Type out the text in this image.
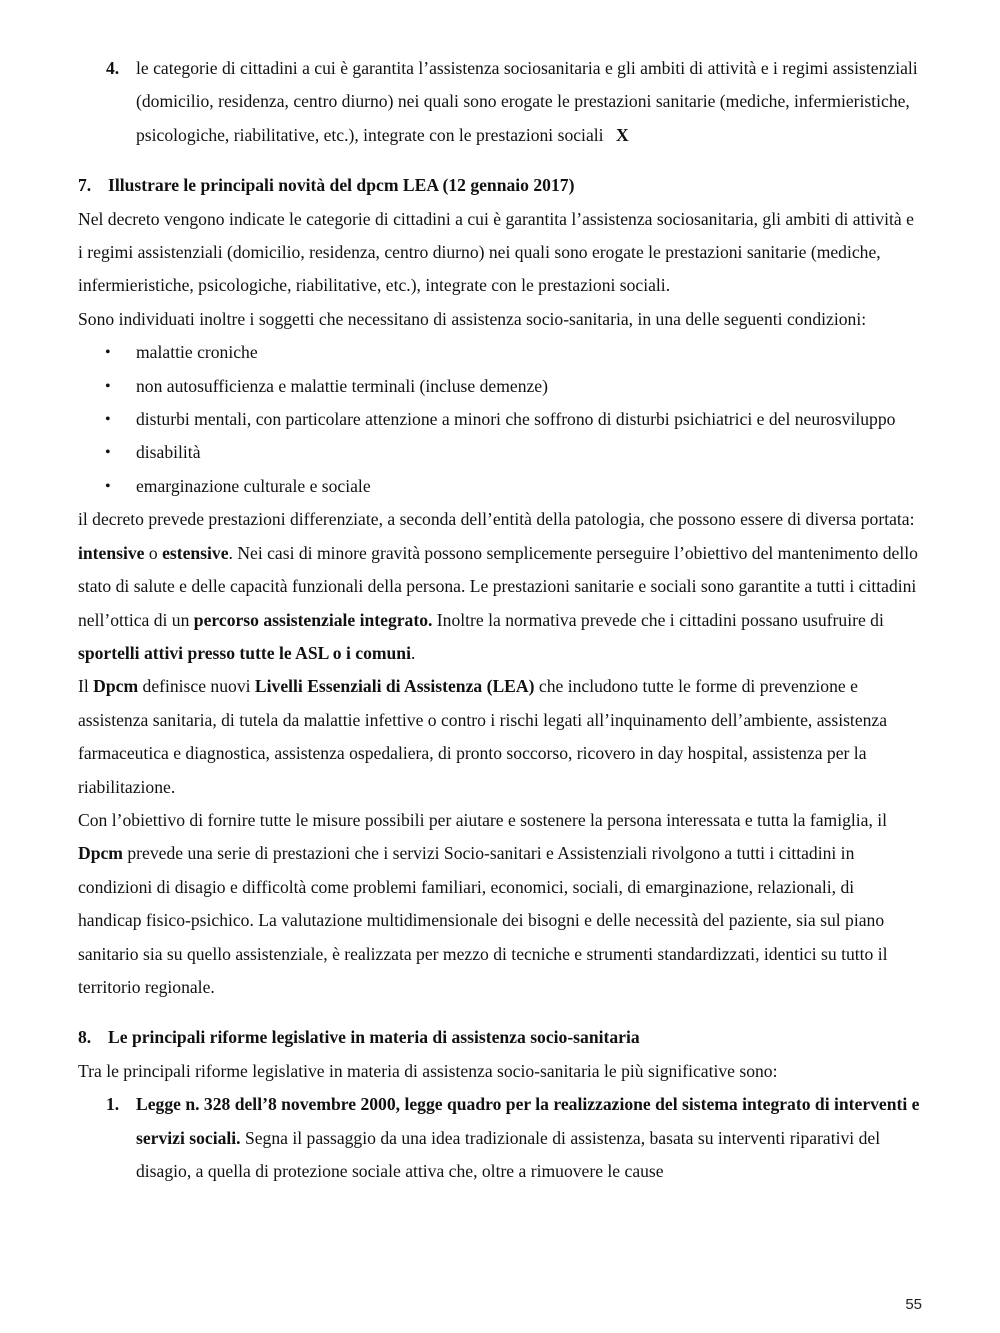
4. le categorie di cittadini a cui è garantita l’assistenza sociosanitaria e gli ambiti di attività e i regimi assistenziali (domicilio, residenza, centro diurno) nei quali sono erogate le prestazioni sanitarie (mediche, infermieristiche, psicologiche, riabilitative, etc.), integrate con le prestazioni sociali X

7. Illustrare le principali novità del dpcm LEA (12 gennaio 2017)

Nel decreto vengono indicate le categorie di cittadini a cui è garantita l’assistenza sociosanitaria, gli ambiti di attività e i regimi assistenziali (domicilio, residenza, centro diurno) nei quali sono erogate le prestazioni sanitarie (mediche, infermieristiche, psicologiche, riabilitative, etc.), integrate con le prestazioni sociali.

Sono individuati inoltre i soggetti che necessitano di assistenza socio-sanitaria, in una delle seguenti condizioni:

• malattie croniche
• non autosufficienza e malattie terminali (incluse demenze)
• disturbi mentali, con particolare attenzione a minori che soffrono di disturbi psichiatrici e del neurosviluppo
• disabilità
• emarginazione culturale e sociale

il decreto prevede prestazioni differenziate, a seconda dell’entità della patologia, che possono essere di diversa portata: intensive o estensive. Nei casi di minore gravità possono semplicemente perseguire l’obiettivo del mantenimento dello stato di salute e delle capacità funzionali della persona. Le prestazioni sanitarie e sociali sono garantite a tutti i cittadini nell’ottica di un percorso assistenziale integrato. Inoltre la normativa prevede che i cittadini possano usufruire di sportelli attivi presso tutte le ASL o i comuni.

Il Dpcm definisce nuovi Livelli Essenziali di Assistenza (LEA) che includono tutte le forme di prevenzione e assistenza sanitaria, di tutela da malattie infettive o contro i rischi legati all’inquinamento dell’ambiente, assistenza farmaceutica e diagnostica, assistenza ospedaliera, di pronto soccorso, ricovero in day hospital, assistenza per la riabilitazione.

Con l’obiettivo di fornire tutte le misure possibili per aiutare e sostenere la persona interessata e tutta la famiglia, il Dpcm prevede una serie di prestazioni che i servizi Socio-sanitari e Assistenziali rivolgono a tutti i cittadini in condizioni di disagio e difficoltà come problemi familiari, economici, sociali, di emarginazione, relazionali, di handicap fisico-psichico. La valutazione multidimensionale dei bisogni e delle necessità del paziente, sia sul piano sanitario sia su quello assistenziale, è realizzata per mezzo di tecniche e strumenti standardizzati, identici su tutto il territorio regionale.

8. Le principali riforme legislative in materia di assistenza socio-sanitaria

Tra le principali riforme legislative in materia di assistenza socio-sanitaria le più significative sono:

1. Legge n. 328 dell’8 novembre 2000, legge quadro per la realizzazione del sistema integrato di interventi e servizi sociali. Segna il passaggio da una idea tradizionale di assistenza, basata su interventi riparativi del disagio, a quella di protezione sociale attiva che, oltre a rimuovere le cause

55
